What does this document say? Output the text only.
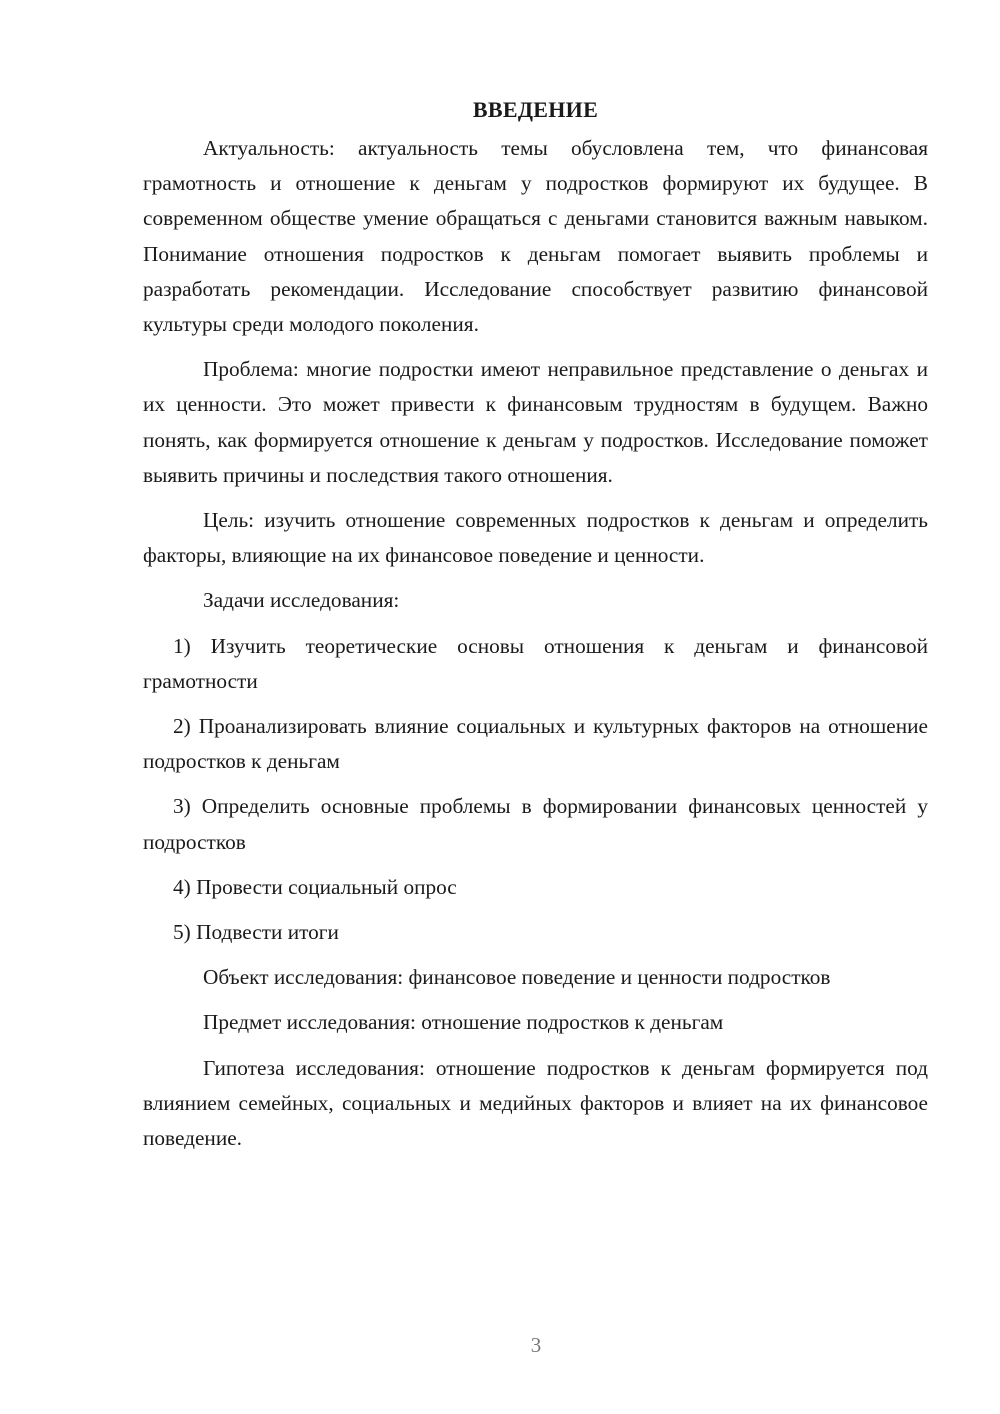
ВВЕДЕНИЕ

Актуальность: актуальность темы обусловлена тем, что финансовая грамотность и отношение к деньгам у подростков формируют их будущее. В современном обществе умение обращаться с деньгами становится важным навыком. Понимание отношения подростков к деньгам помогает выявить проблемы и разработать рекомендации. Исследование способствует развитию финансовой культуры среди молодого поколения.

Проблема: многие подростки имеют неправильное представление о деньгах и их ценности. Это может привести к финансовым трудностям в будущем. Важно понять, как формируется отношение к деньгам у подростков. Исследование поможет выявить причины и последствия такого отношения.

Цель: изучить отношение современных подростков к деньгам и определить факторы, влияющие на их финансовое поведение и ценности.

Задачи исследования:

1) Изучить теоретические основы отношения к деньгам и финансовой грамотности

2) Проанализировать влияние социальных и культурных факторов на отношение подростков к деньгам

3) Определить основные проблемы в формировании финансовых ценностей у подростков

4) Провести социальный опрос

5) Подвести итоги

Объект исследования: финансовое поведение и ценности подростков

Предмет исследования: отношение подростков к деньгам

Гипотеза исследования: отношение подростков к деньгам формируется под влиянием семейных, социальных и медийных факторов и влияет на их финансовое поведение.

3
